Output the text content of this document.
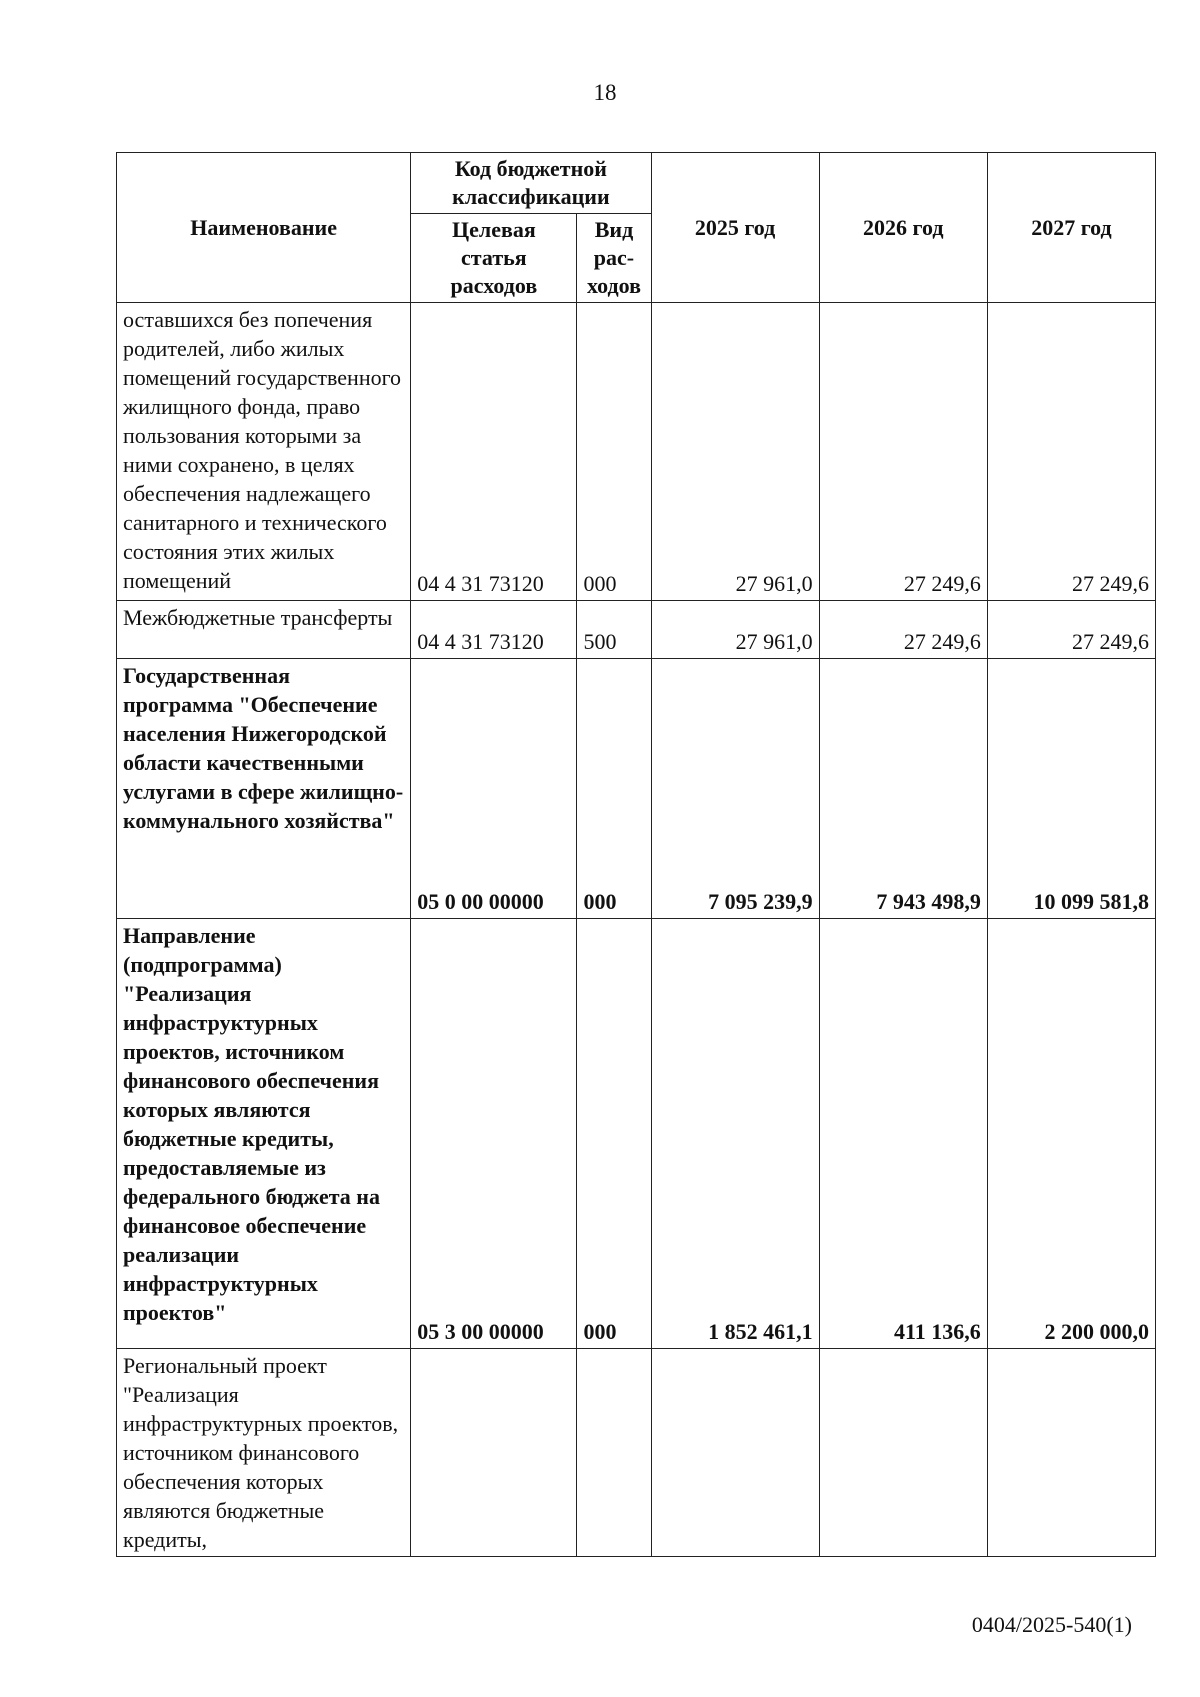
18
Наименование	Код бюджетной классификации		2025 год	2026 год	2027 год
	Целевая статья расходов	Вид рас- ходов			
оставшихся без попечения родителей, либо жилых помещений государственного жилищного фонда, право пользования которыми за ними сохранено, в целях обеспечения надлежащего санитарного и технического состояния этих жилых помещений	04 4 31 73120	000	27 961,0	27 249,6	27 249,6
Межбюджетные трансферты	04 4 31 73120	500	27 961,0	27 249,6	27 249,6
Государственная программа "Обеспечение населения Нижегородской области качественными услугами в сфере жилищно-коммунального хозяйства"	05 0 00 00000	000	7 095 239,9	7 943 498,9	10 099 581,8
Направление (подпрограмма) "Реализация инфраструктурных проектов, источником финансового обеспечения которых являются бюджетные кредиты, предоставляемые из федерального бюджета на финансовое обеспечение реализации инфраструктурных проектов"	05 3 00 00000	000	1 852 461,1	411 136,6	2 200 000,0
Региональный проект "Реализация инфраструктурных проектов, источником финансового обеспечения которых являются бюджетные кредиты,					
0404/2025-540(1)
